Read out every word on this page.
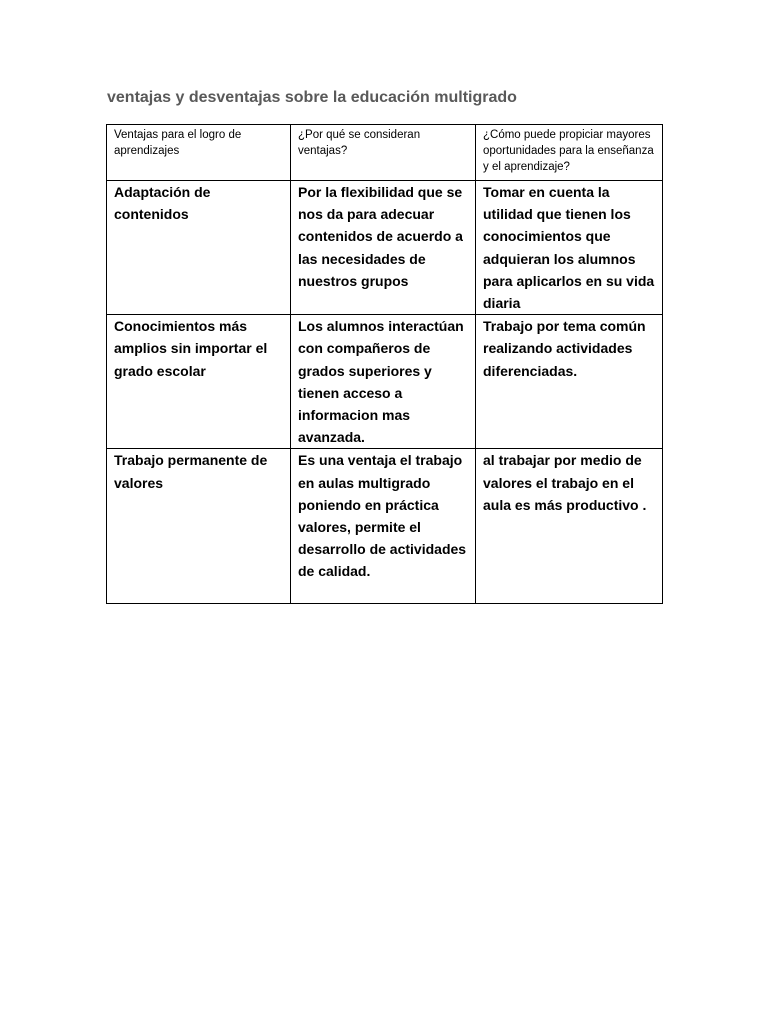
ventajas y desventajas sobre la educación multigrado
Ventajas para el logro de aprendizajes	¿Por qué se consideran ventajas?	¿Cómo puede propiciar mayores oportunidades para la enseñanza y el aprendizaje?
Adaptación de contenidos	Por la flexibilidad que se nos da para adecuar contenidos de acuerdo a las necesidades de nuestros grupos	Tomar en cuenta la utilidad que tienen los conocimientos que adquieran los alumnos para aplicarlos en su vida diaria
Conocimientos más amplios sin importar el grado escolar	Los alumnos interactúan con compañeros de grados superiores y tienen acceso a informacion mas avanzada.	Trabajo por tema común realizando actividades diferenciadas.
Trabajo permanente de valores	Es una ventaja el trabajo en aulas multigrado poniendo en práctica valores, permite el desarrollo de actividades de calidad.	al trabajar por medio de valores el trabajo en el aula es más productivo .
